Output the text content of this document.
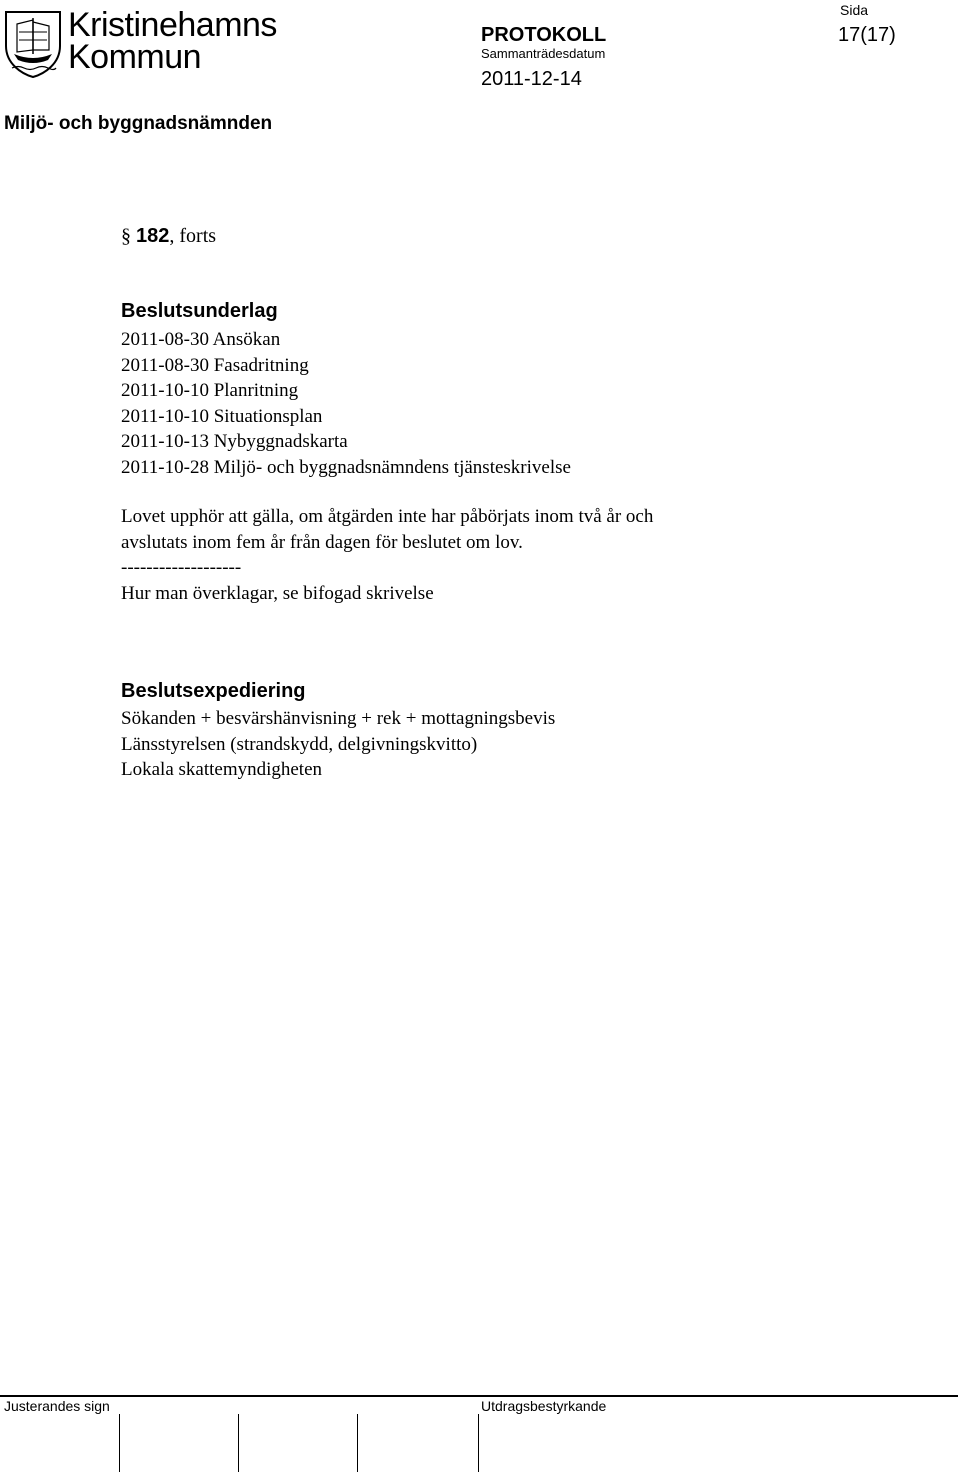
Kristinehamns
Kommun
PROTOKOLL
Sammanträdesdatum
2011-12-14
Sida
17(17)
Miljö- och byggnadsnämnden
§ 182, forts
Beslutsunderlag
2011-08-30 Ansökan
2011-08-30 Fasadritning
2011-10-10 Planritning
2011-10-10 Situationsplan
2011-10-13 Nybyggnadskarta
2011-10-28 Miljö- och byggnadsnämndens tjänsteskrivelse
Lovet upphör att gälla, om åtgärden inte har påbörjats inom två år och
avslutats inom fem år från dagen för beslutet om lov.
-------------------
Hur man överklagar, se bifogad skrivelse
Beslutsexpediering
Sökanden + besvärshänvisning + rek + mottagningsbevis
Länsstyrelsen (strandskydd, delgivningskvitto)
Lokala skattemyndigheten
Justerandes sign	Utdragsbestyrkande
